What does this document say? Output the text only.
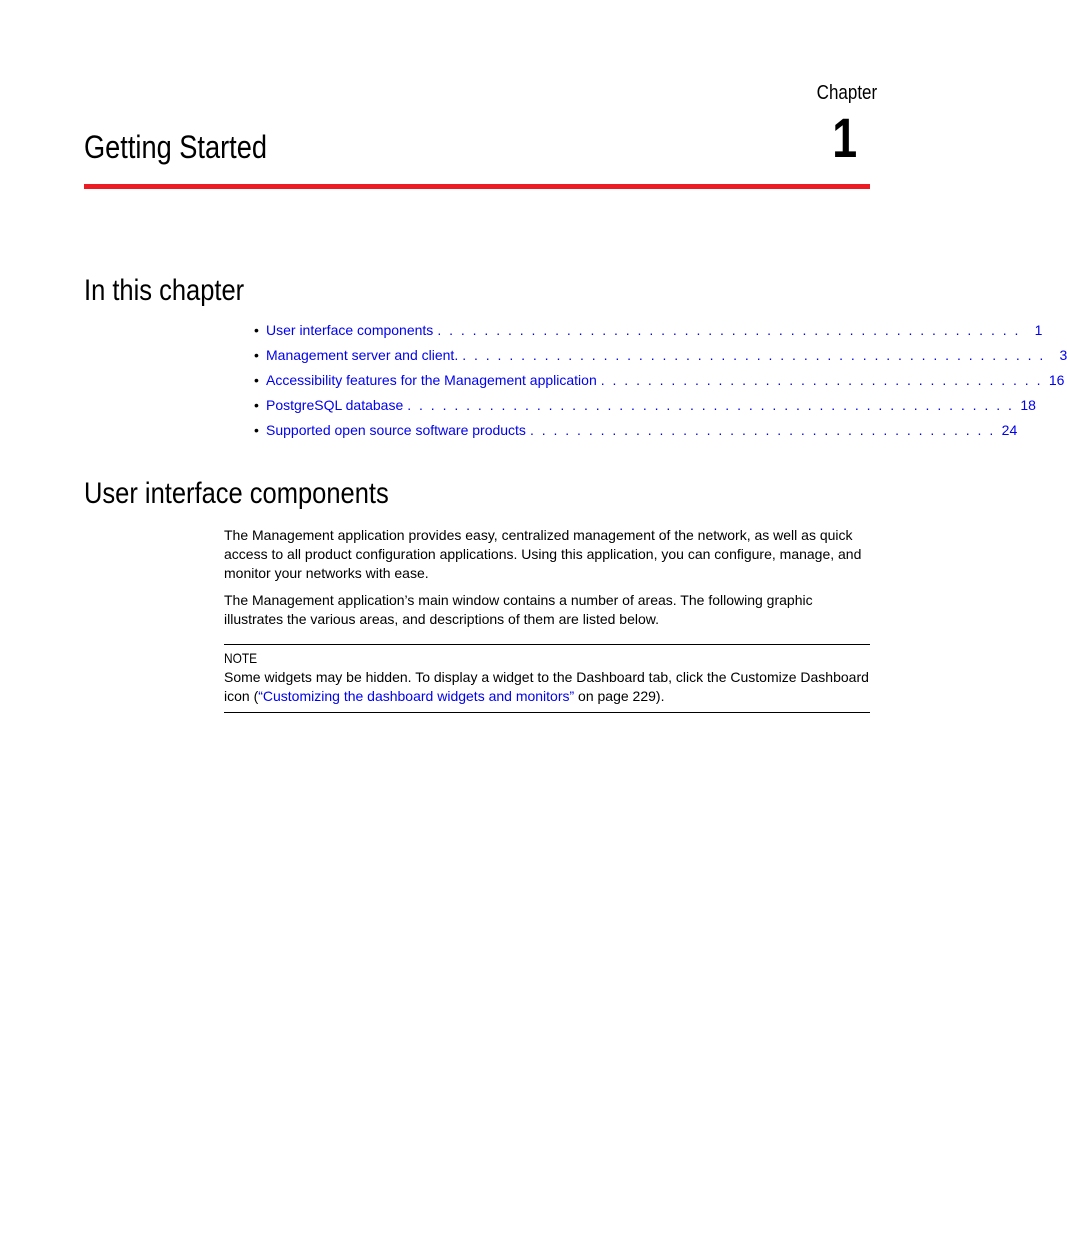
Chapter
1
Getting Started
In this chapter
• User interface components . . . . . . . . . . . . . . . . . . . . . . . . . . . . . . . . . . . . . . . . . . . . . . . . . .	1
• Management server and client. . . . . . . . . . . . . . . . . . . . . . . . . . . . . . . . . . . . . . . . . . . . . . . . . . .	3
• Accessibility features for the Management application . . . . . . . . . . . . . . . . . . . . . . . . . . . . . . . . . . . . . . 16
• PostgreSQL database . . . . . . . . . . . . . . . . . . . . . . . . . . . . . . . . . . . . . . . . . . . . . . . . . . . . 18
• Supported open source software products . . . . . . . . . . . . . . . . . . . . . . . . . . . . . . . . . . . . . . . . 24
User interface components

The Management application provides easy, centralized management of the network, as well as quick access to all product configuration applications. Using this application, you can configure, manage, and monitor your networks with ease.

The Management application’s main window contains a number of areas. The following graphic illustrates the various areas, and descriptions of them are listed below.

NOTE

Some widgets may be hidden. To display a widget to the Dashboard tab, click the Customize Dashboard icon (“Customizing the dashboard widgets and monitors” on page 229).
